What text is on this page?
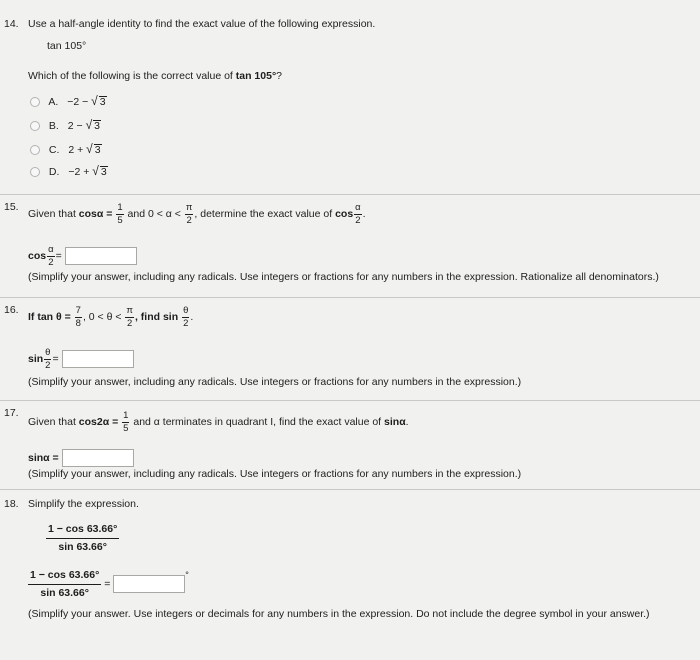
14. Use a half-angle identity to find the exact value of the following expression.
tan 105°
Which of the following is the correct value of tan 105°?
A. −2 − √ 3
B. 2 − √ 3
C. 2 + √ 3
D. −2 + √ 3
15.
Given that $\cos\alpha = \frac{1}{5}$ and $0 < \alpha < \frac{\pi}{2}$ , determine the exact value of $\cos \frac{\alpha}{2}$ .
$\cos \frac{\alpha}{2}$ =
(Simplify your answer, including any radicals. Use integers or fractions for any numbers in the expression. Rationalize all denominators.)
16.
If $\tan \theta = \frac{7}{8}$ , $0 < \theta < \frac{\pi}{2}$ , find $\sin \frac{\theta}{2}$ .
$\sin \frac{\theta}{2}$ =
(Simplify your answer, including any radicals. Use integers or fractions for any numbers in the expression.)
17.
Given that $\cos 2\alpha = \frac{1}{5}$ and α terminates in quadrant I, find the exact value of sinα.
sinα =
(Simplify your answer, including any radicals. Use integers or fractions for any numbers in the expression.)
18. Simplify the expression.
$\frac{1 - \cos 63.66^\circ}{\sin 63.66^\circ}$
$\frac{1 - \cos 63.66^\circ}{\sin 63.66^\circ}$ = °
(Simplify your answer. Use integers or decimals for any numbers in the expression. Do not include the degree symbol in your answer.)
